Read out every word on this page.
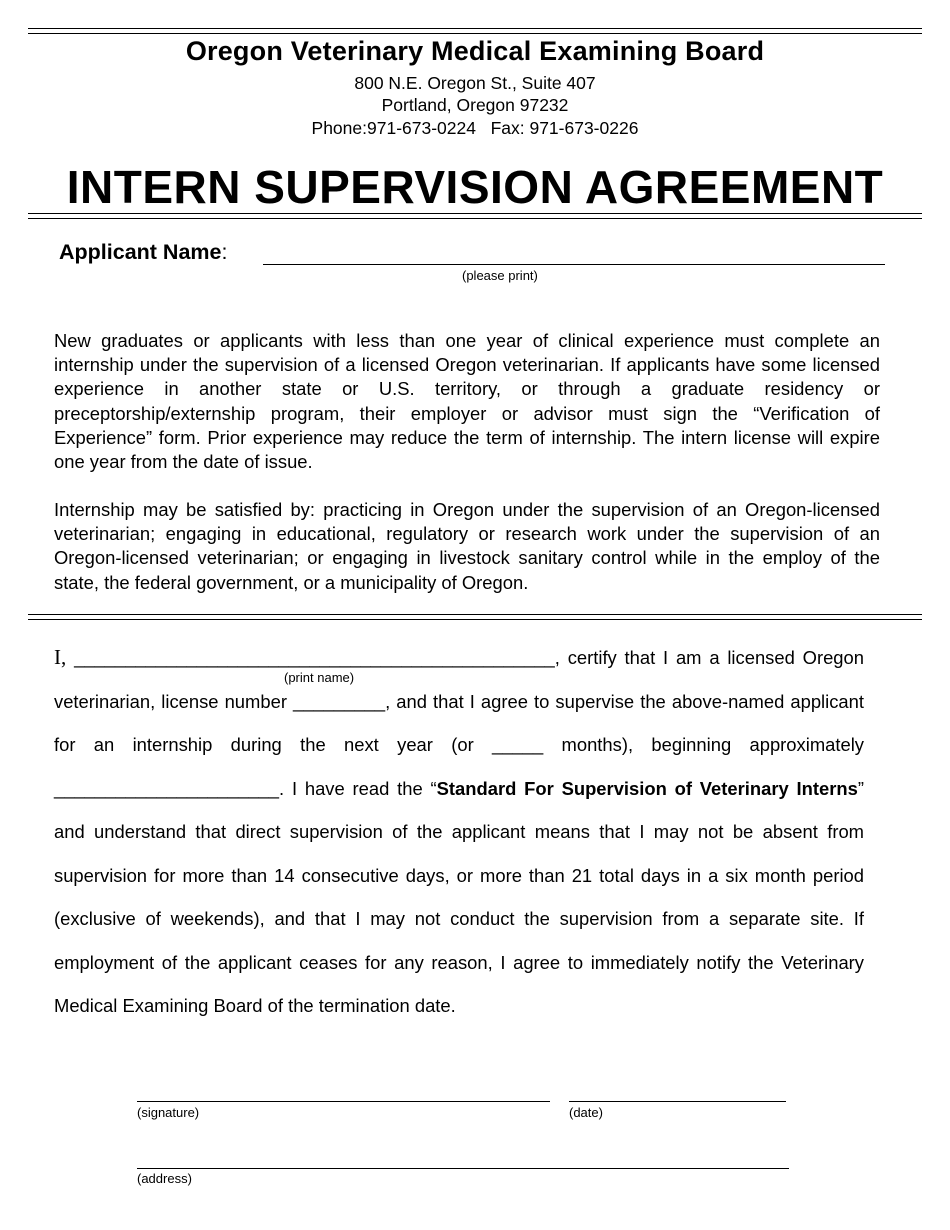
Oregon Veterinary Medical Examining Board
800 N.E. Oregon St., Suite 407
Portland, Oregon 97232
Phone:971-673-0224   Fax: 971-673-0226
INTERN SUPERVISION AGREEMENT
Applicant Name:
(please print)
New graduates or applicants with less than one year of clinical experience must complete an internship under the supervision of a licensed Oregon veterinarian. If applicants have some licensed experience in another state or U.S. territory, or through a graduate residency or preceptorship/externship program, their employer or advisor must sign the “Verification of Experience” form. Prior experience may reduce the term of internship. The intern license will expire one year from the date of issue.
Internship may be satisfied by: practicing in Oregon under the supervision of an Oregon-licensed veterinarian; engaging in educational, regulatory or research work under the supervision of an Oregon-licensed veterinarian; or engaging in livestock sanitary control while in the employ of the state, the federal government, or a municipality of Oregon.

I, _______________________________________________, certify that I am a licensed Oregon veterinarian, license number _________, and that I agree to supervise the above-named applicant for an internship during the next year (or _____ months), beginning approximately ______________________. I have read the “Standard For Supervision of Veterinary Interns” and understand that direct supervision of the applicant means that I may not be absent from supervision for more than 14 consecutive days, or more than 21 total days in a six month period (exclusive of weekends), and that I may not conduct the supervision from a separate site. If employment of the applicant ceases for any reason, I agree to immediately notify the Veterinary Medical Examining Board of the termination date.

(print name)
(signature)	(date)
(address)
